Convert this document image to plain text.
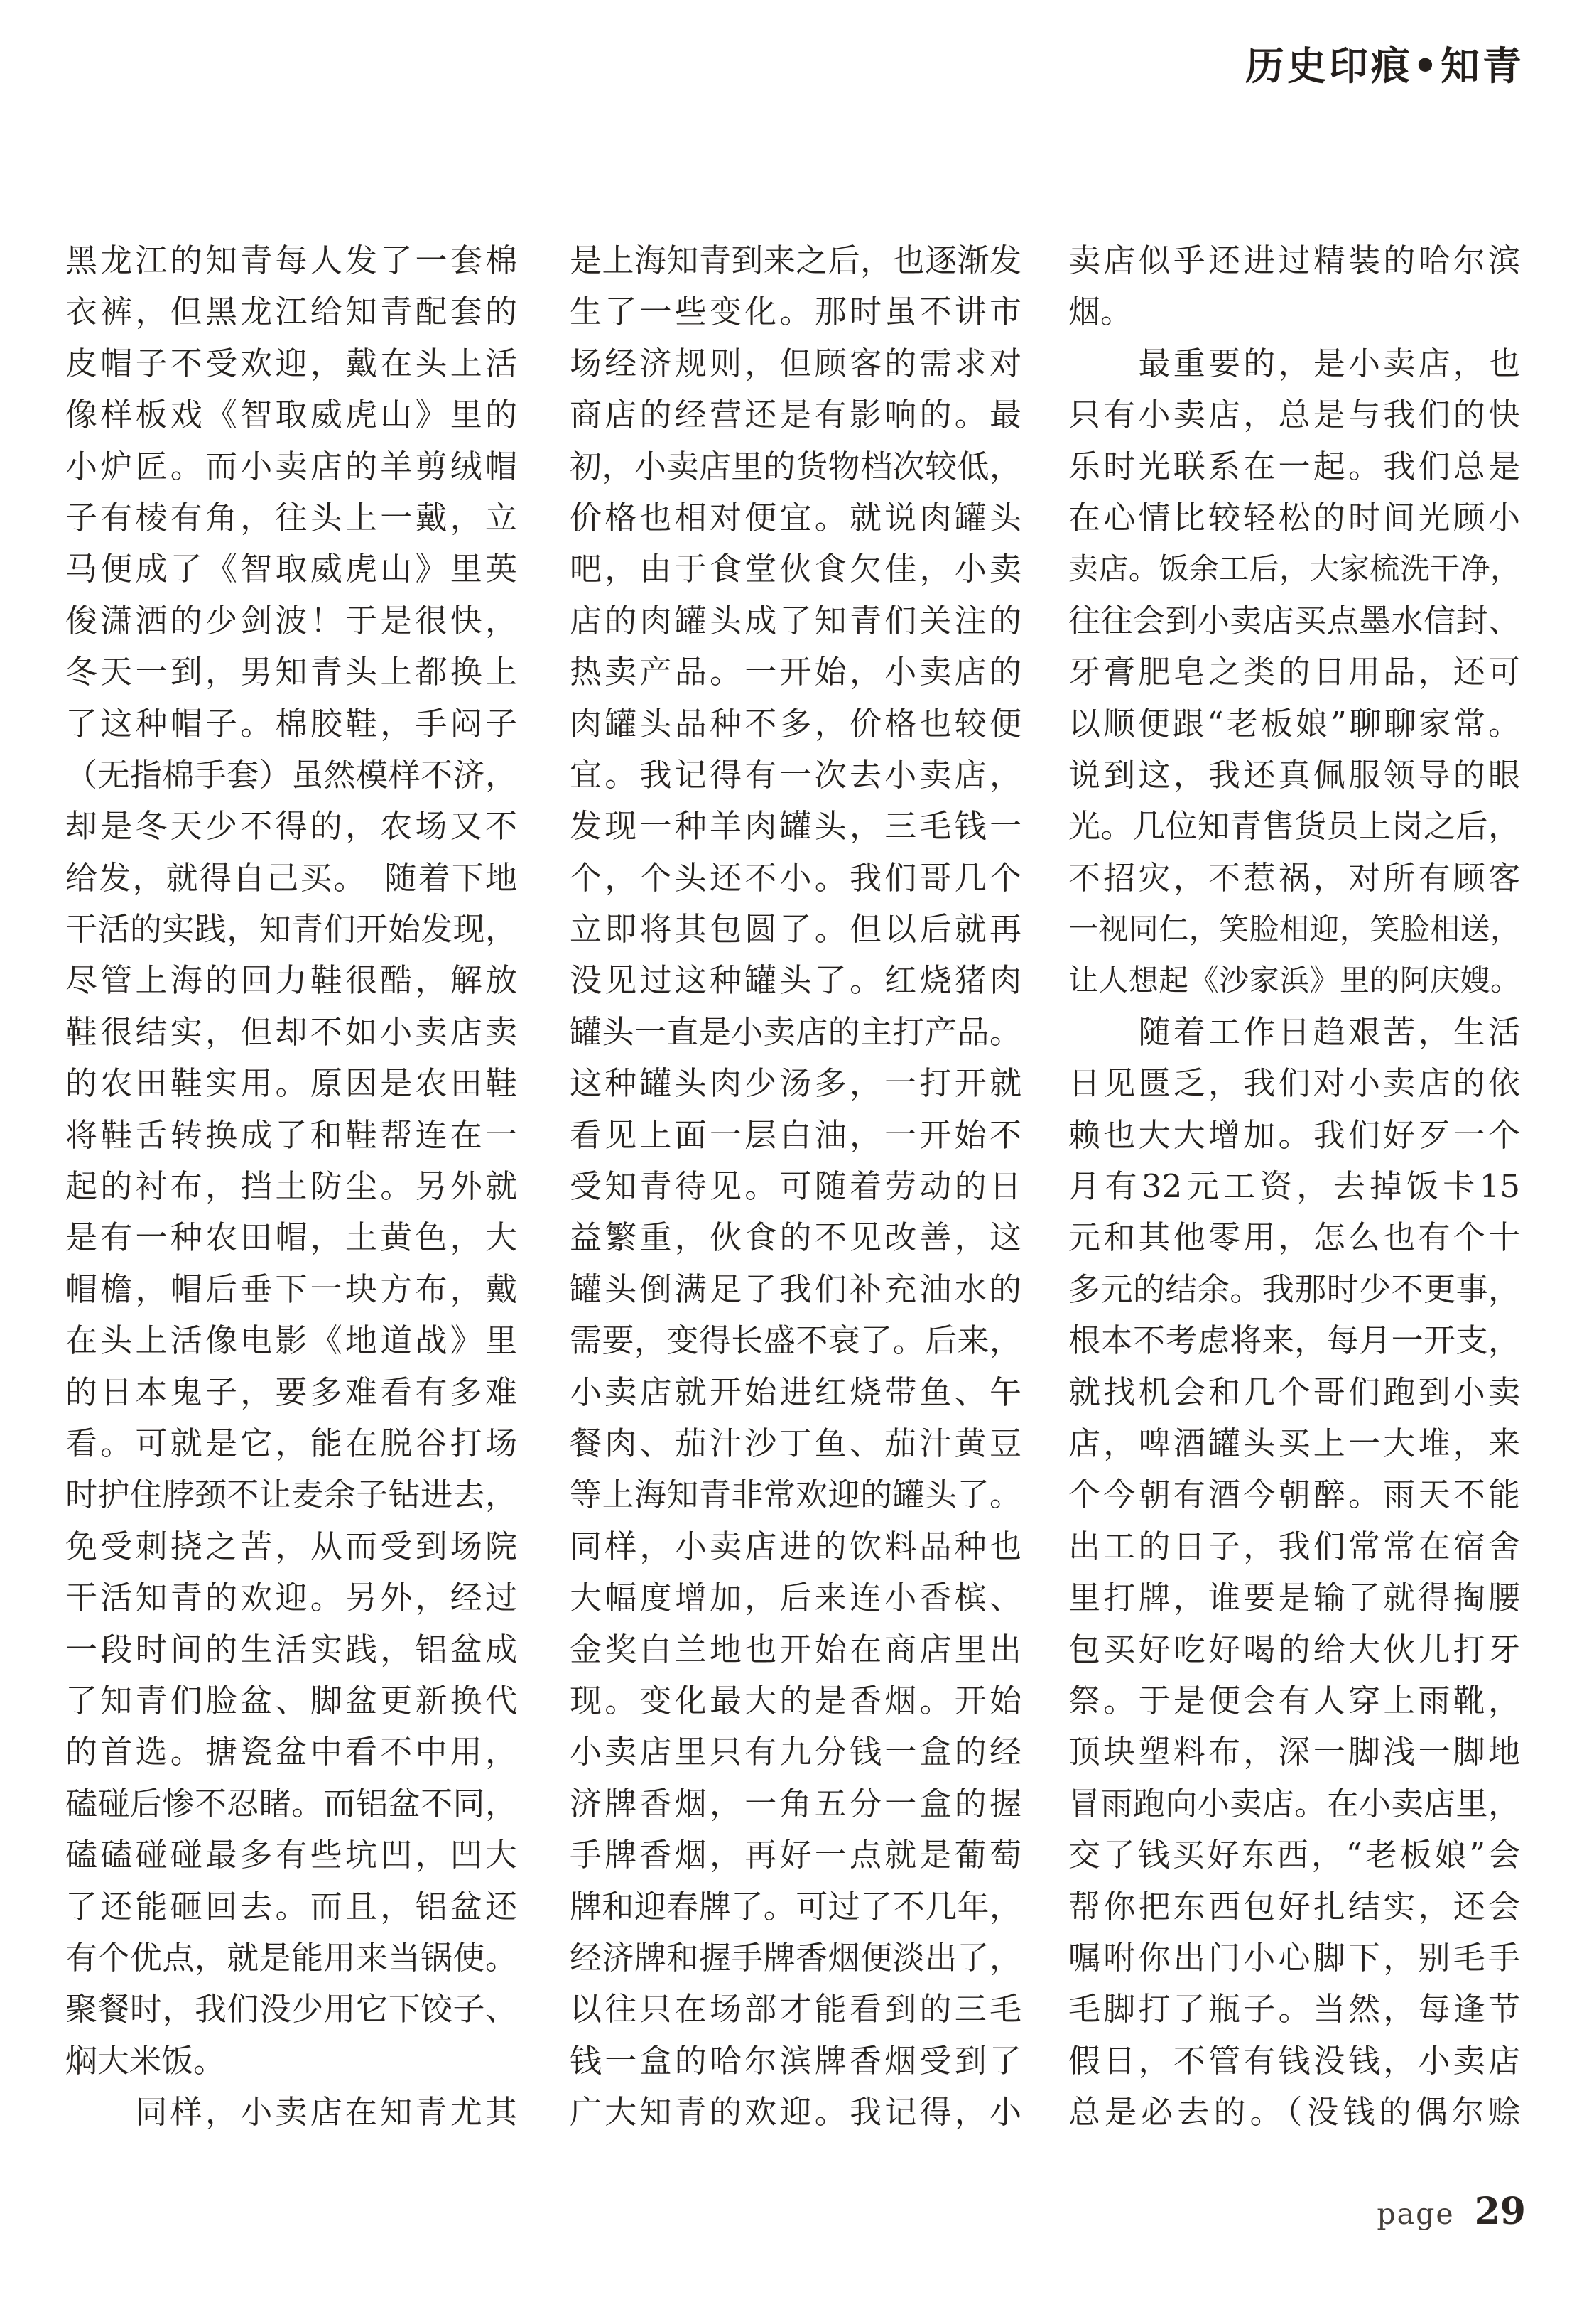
历史印痕•知青
黑龙江的知青每人发了一套棉
衣裤，但黑龙江给知青配套的
皮帽子不受欢迎，戴在头上活
像样板戏《智取威虎山》里的
小炉匠。而小卖店的羊剪绒帽
子有棱有角，往头上一戴，立
马便成了《智取威虎山》里英
俊潇洒的少剑波！于是很快，
冬天一到，男知青头上都换上
了这种帽子。棉胶鞋，手闷子
（无指棉手套）虽然模样不济，
却是冬天少不得的，农场又不
给发，就得自己买。　随着下地
干活的实践，知青们开始发现，
尽管上海的回力鞋很酷，解放
鞋很结实，但却不如小卖店卖
的农田鞋实用。原因是农田鞋
将鞋舌转换成了和鞋帮连在一
起的衬布，挡土防尘。另外就
是有一种农田帽，土黄色，大
帽檐，帽后垂下一块方布，戴
在头上活像电影《地道战》里
的日本鬼子，要多难看有多难
看。可就是它，能在脱谷打场
时护住脖颈不让麦余子钻进去，
免受刺挠之苦，从而受到场院
干活知青的欢迎。另外，经过
一段时间的生活实践，铝盆成
了知青们脸盆、脚盆更新换代
的首选。搪瓷盆中看不中用，
磕碰后惨不忍睹。而铝盆不同，
磕磕碰碰最多有些坑凹，凹大
了还能砸回去。而且，铝盆还
有个优点，就是能用来当锅使。
聚餐时，我们没少用它下饺子、
焖大米饭。
　　同样，小卖店在知青尤其
是上海知青到来之后，也逐渐发
生了一些变化。那时虽不讲市
场经济规则，但顾客的需求对
商店的经营还是有影响的。最
初，小卖店里的货物档次较低，
价格也相对便宜。就说肉罐头
吧，由于食堂伙食欠佳，小卖
店的肉罐头成了知青们关注的
热卖产品。一开始，小卖店的
肉罐头品种不多，价格也较便
宜。我记得有一次去小卖店，
发现一种羊肉罐头，三毛钱一
个，个头还不小。我们哥几个
立即将其包圆了。但以后就再
没见过这种罐头了。红烧猪肉
罐头一直是小卖店的主打产品。
这种罐头肉少汤多，一打开就
看见上面一层白油，一开始不
受知青待见。可随着劳动的日
益繁重，伙食的不见改善，这
罐头倒满足了我们补充油水的
需要，变得长盛不衰了。后来，
小卖店就开始进红烧带鱼、午
餐肉、茄汁沙丁鱼、茄汁黄豆
等上海知青非常欢迎的罐头了。
同样，小卖店进的饮料品种也
大幅度增加，后来连小香槟、
金奖白兰地也开始在商店里出
现。变化最大的是香烟。开始
小卖店里只有九分钱一盒的经
济牌香烟，一角五分一盒的握
手牌香烟，再好一点就是葡萄
牌和迎春牌了。可过了不几年，
经济牌和握手牌香烟便淡出了，
以往只在场部才能看到的三毛
钱一盒的哈尔滨牌香烟受到了
广大知青的欢迎。我记得，小
卖店似乎还进过精装的哈尔滨
烟。
　　最重要的，是小卖店，也
只有小卖店，总是与我们的快
乐时光联系在一起。我们总是
在心情比较轻松的时间光顾小
卖店。饭余工后，大家梳洗干净，
往往会到小卖店买点墨水信封、
牙膏肥皂之类的日用品，还可
以顺便跟“老板娘”聊聊家常。
说到这，我还真佩服领导的眼
光。几位知青售货员上岗之后，
不招灾，不惹祸，对所有顾客
一视同仁，笑脸相迎，笑脸相送，
让人想起《沙家浜》里的阿庆嫂。
　　随着工作日趋艰苦，生活
日见匮乏，我们对小卖店的依
赖也大大增加。我们好歹一个
月有32元工资，去掉饭卡15
元和其他零用，怎么也有个十
多元的结余。我那时少不更事，
根本不考虑将来，每月一开支，
就找机会和几个哥们跑到小卖
店，啤酒罐头买上一大堆，来
个今朝有酒今朝醉。雨天不能
出工的日子，我们常常在宿舍
里打牌，谁要是输了就得掏腰
包买好吃好喝的给大伙儿打牙
祭。于是便会有人穿上雨靴，
顶块塑料布，深一脚浅一脚地
冒雨跑向小卖店。在小卖店里，
交了钱买好东西，“老板娘”会
帮你把东西包好扎结实，还会
嘱咐你出门小心脚下，别毛手
毛脚打了瓶子。当然，每逢节
假日，不管有钱没钱，小卖店
总是必去的。（没钱的偶尔赊
page 29
